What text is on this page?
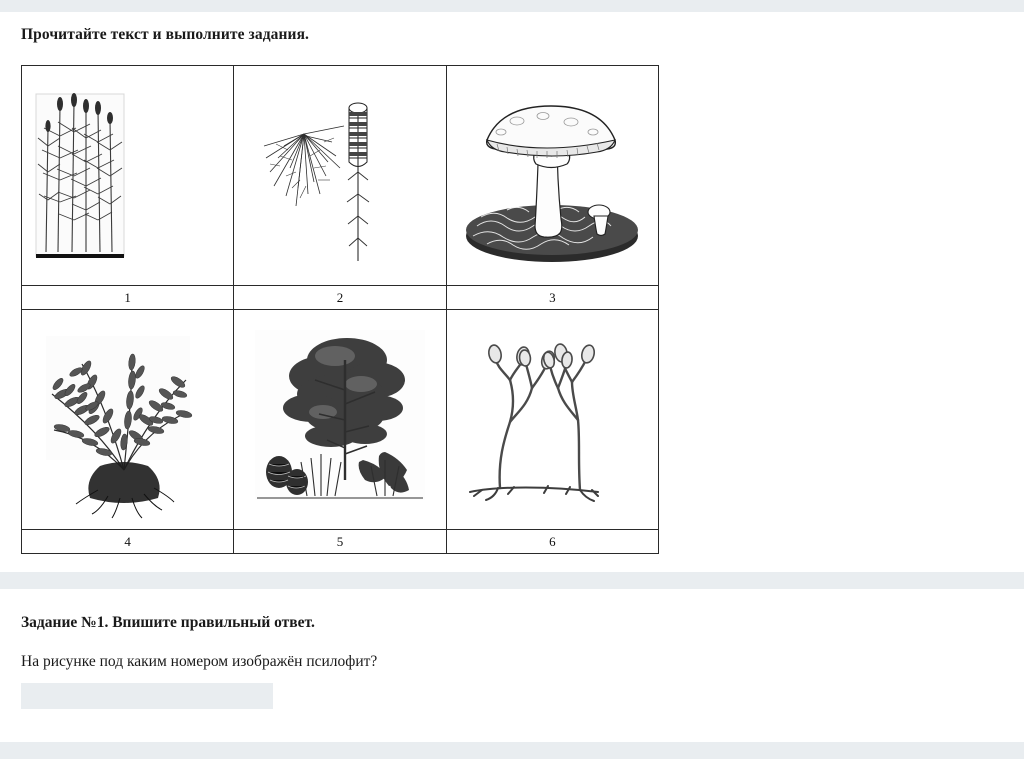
Прочитайте текст и выполните задания.

1	2	3

4	5	6
Задание №1. Впишите правильный ответ.
На рисунке под каким номером изображён псилофит?
